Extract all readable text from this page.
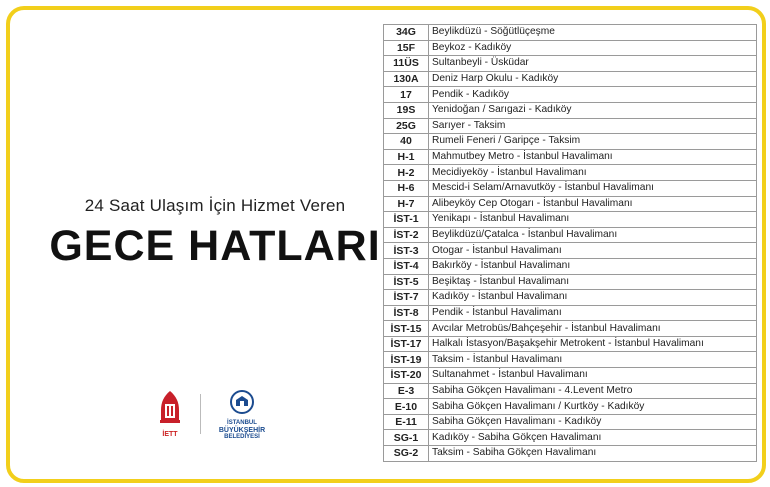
24 Saat Ulaşım İçin Hizmet Veren
GECE HATLARI
İETT
İSTANBUL
BÜYÜKŞEHİR
BELEDİYESİ
34G	Beylikdüzü - Söğütlüçeşme
15F	Beykoz - Kadıköy
11ÜS	Sultanbeyli - Üsküdar
130A	Deniz Harp Okulu - Kadıköy
17	Pendik - Kadıköy
19S	Yenidoğan / Sarıgazi - Kadıköy
25G	Sarıyer - Taksim
40	Rumeli Feneri / Garipçe - Taksim
H-1	Mahmutbey Metro - İstanbul Havalimanı
H-2	Mecidiyeköy - İstanbul Havalimanı
H-6	Mescid-i Selam/Arnavutköy - İstanbul Havalimanı
H-7	Alibeyköy Cep Otogarı - İstanbul Havalimanı
İST-1	Yenikapı - İstanbul Havalimanı
İST-2	Beylikdüzü/Çatalca - İstanbul Havalimanı
İST-3	Otogar - İstanbul Havalimanı
İST-4	Bakırköy - İstanbul Havalimanı
İST-5	Beşiktaş - İstanbul Havalimanı
İST-7	Kadıköy - İstanbul Havalimanı
İST-8	Pendik - İstanbul Havalimanı
İST-15	Avcılar Metrobüs/Bahçeşehir - İstanbul Havalimanı
İST-17	Halkalı İstasyon/Başakşehir Metrokent - İstanbul Havalimanı
İST-19	Taksim - İstanbul Havalimanı
İST-20	Sultanahmet - İstanbul Havalimanı
E-3	Sabiha Gökçen Havalimanı - 4.Levent Metro
E-10	Sabiha Gökçen Havalimanı / Kurtköy - Kadıköy
E-11	Sabiha Gökçen Havalimanı - Kadıköy
SG-1	Kadıköy - Sabiha Gökçen Havalimanı
SG-2	Taksim - Sabiha Gökçen Havalimanı
